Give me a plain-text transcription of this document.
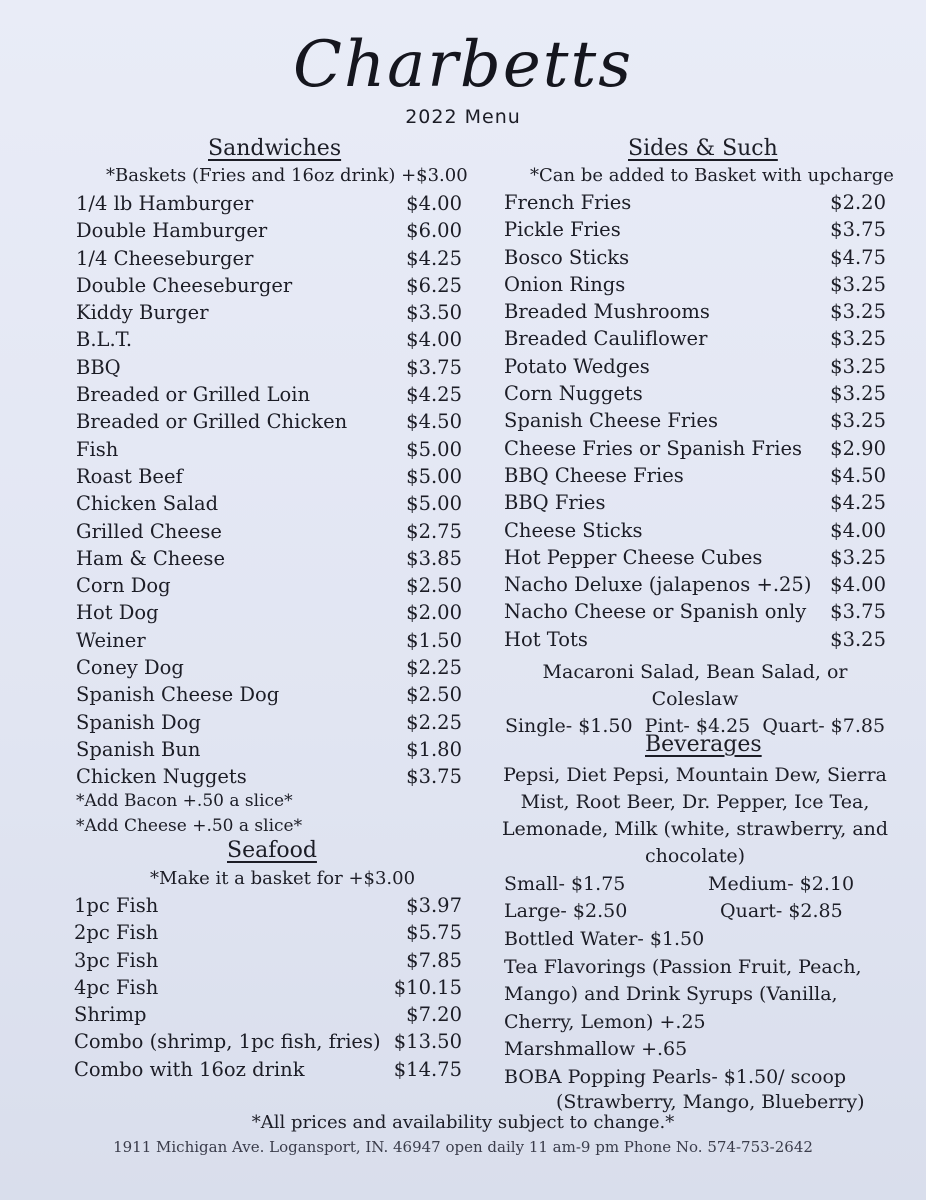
Charbetts
2022 Menu
Sandwiches
*Baskets (Fries and 16oz drink) +$3.00
1/4 lb Hamburger	$4.00
Double Hamburger	$6.00
1/4 Cheeseburger	$4.25
Double Cheeseburger	$6.25
Kiddy Burger	$3.50
B.L.T.	$4.00
BBQ	$3.75
Breaded or Grilled Loin	$4.25
Breaded or Grilled Chicken	$4.50
Fish	$5.00
Roast Beef	$5.00
Chicken Salad	$5.00
Grilled Cheese	$2.75
Ham & Cheese	$3.85
Corn Dog	$2.50
Hot Dog	$2.00
Weiner	$1.50
Coney Dog	$2.25
Spanish Cheese Dog	$2.50
Spanish Dog	$2.25
Spanish Bun	$1.80
Chicken Nuggets	$3.75
*Add Bacon +.50 a slice*
*Add Cheese +.50 a slice*
Seafood
*Make it a basket for +$3.00
1pc Fish	$3.97
2pc Fish	$5.75
3pc Fish	$7.85
4pc Fish	$10.15
Shrimp	$7.20
Combo (shrimp, 1pc fish, fries) $13.50
Combo with 16oz drink	$14.75
Sides & Such
*Can be added to Basket with upcharge
French Fries	$2.20
Pickle Fries	$3.75
Bosco Sticks	$4.75
Onion Rings	$3.25
Breaded Mushrooms	$3.25
Breaded Cauliflower	$3.25
Potato Wedges	$3.25
Corn Nuggets	$3.25
Spanish Cheese Fries	$3.25
Cheese Fries or Spanish Fries $2.90
BBQ Cheese Fries	$4.50
BBQ Fries	$4.25
Cheese Sticks	$4.00
Hot Pepper Cheese Cubes	$3.25
Nacho Deluxe (jalapenos +.25) $4.00
Nacho Cheese or Spanish only $3.75
Hot Tots	$3.25
Macaroni Salad, Bean Salad, or Coleslaw
Single- $1.50  Pint- $4.25  Quart- $7.85
Beverages
Pepsi, Diet Pepsi, Mountain Dew, Sierra
Mist, Root Beer, Dr. Pepper, Ice Tea,
Lemonade, Milk (white, strawberry, and
chocolate)
Small- $1.75	Medium- $2.10
Large- $2.50	Quart- $2.85
Bottled Water- $1.50
Tea Flavorings (Passion Fruit, Peach,
Mango) and Drink Syrups (Vanilla,
Cherry, Lemon) +.25
Marshmallow +.65
BOBA Popping Pearls- $1.50/ scoop
(Strawberry, Mango, Blueberry)
*All prices and availability subject to change.*
1911 Michigan Ave. Logansport, IN. 46947 open daily 11 am-9 pm Phone No. 574-753-2642
